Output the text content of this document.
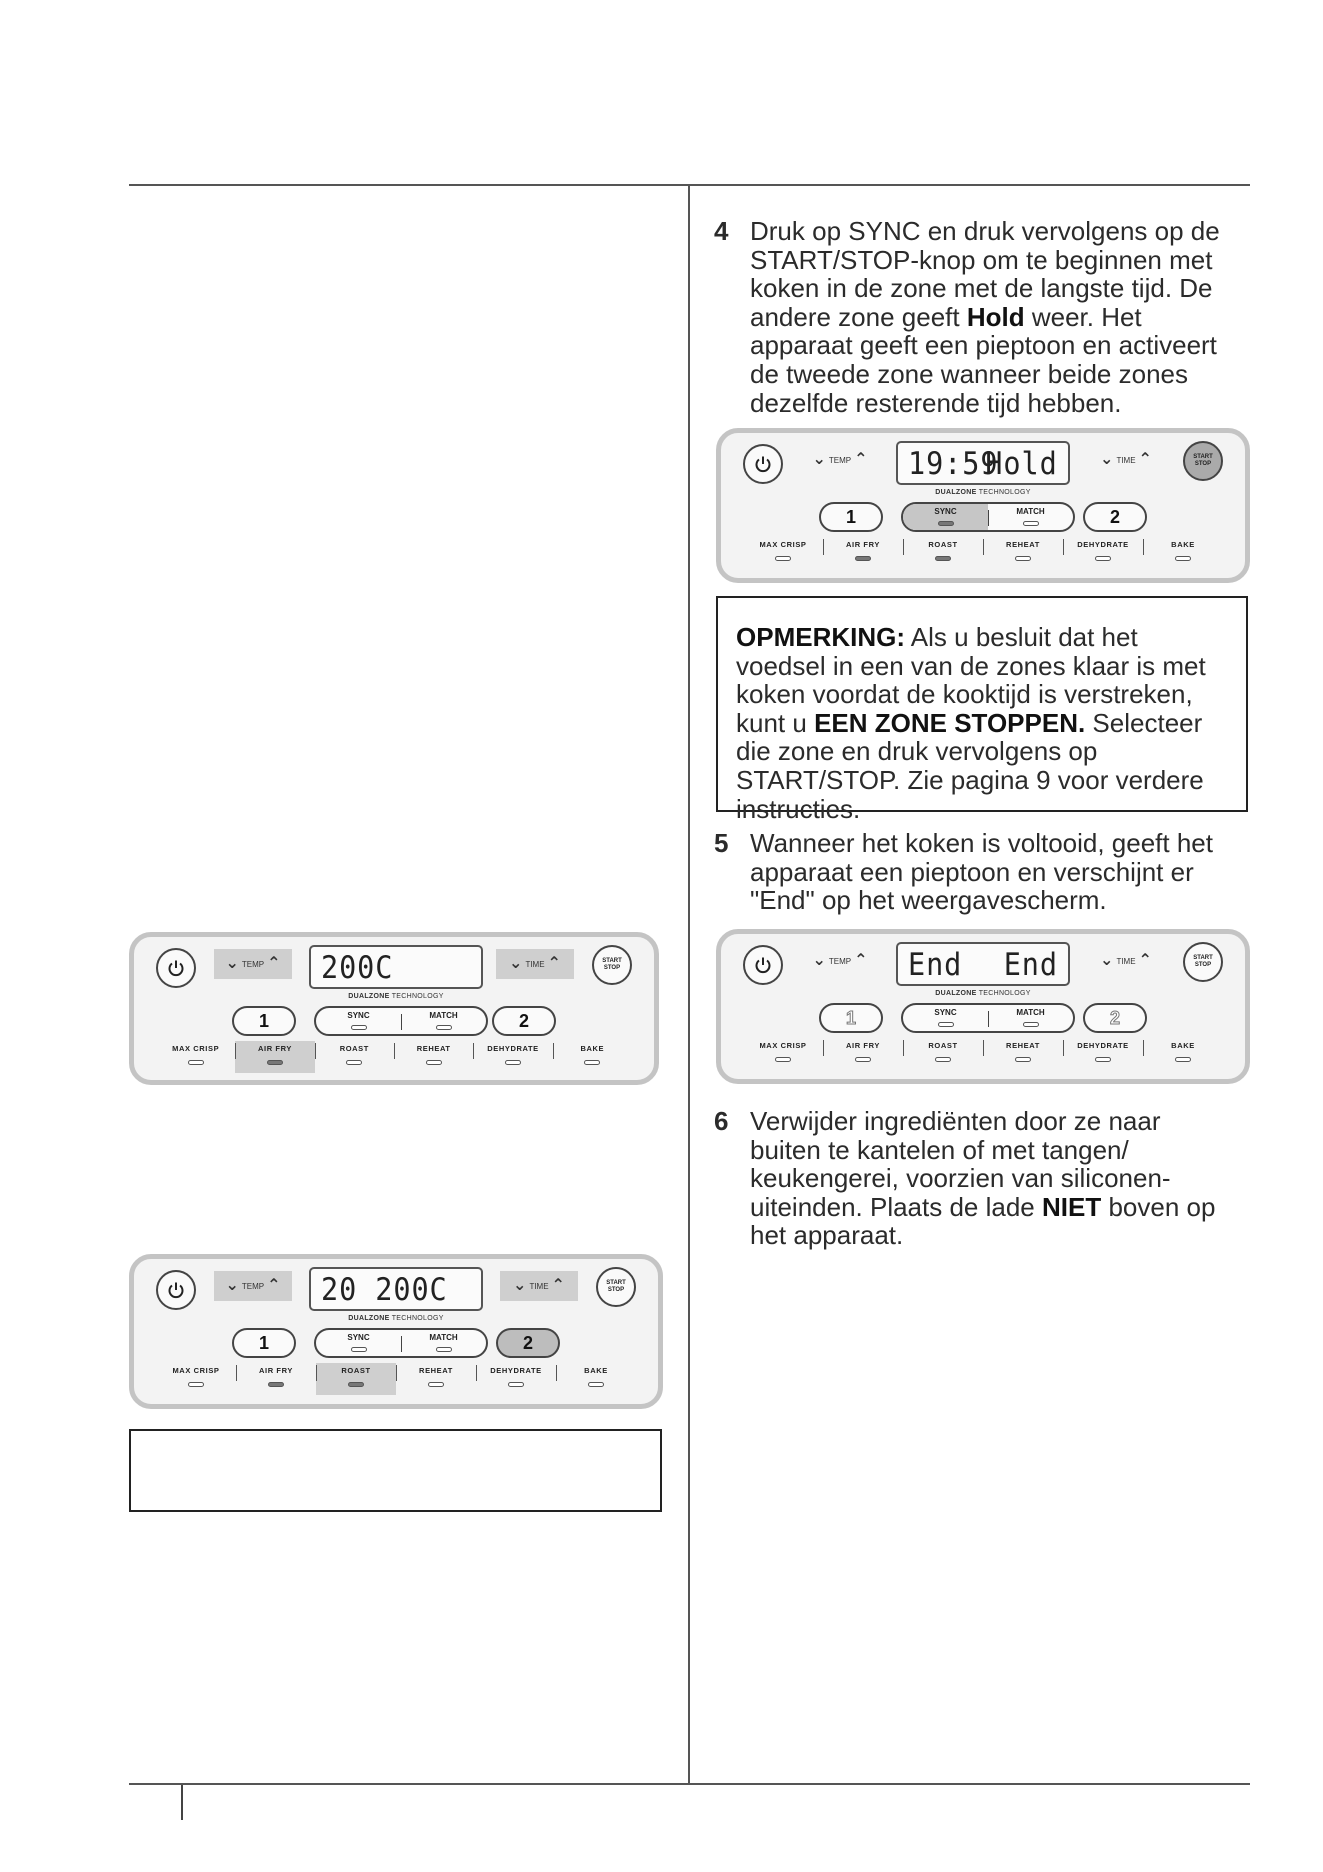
4 Druk op SYNC en druk vervolgens op de START/STOP-knop om te beginnen met koken in de zone met de langste tijd. De andere zone geeft Hold weer. Het apparaat geeft een pieptoon en activeert de tweede zone wanneer beide zones dezelfde resterende tijd hebben.
OPMERKING: Als u besluit dat het voedsel in een van de zones klaar is met koken voordat de kooktijd is verstreken, kunt u EEN ZONE STOPPEN. Selecteer die zone en druk vervolgens op START/STOP. Zie pagina 9 voor verdere instructies.
5 Wanneer het koken is voltooid, geeft het apparaat een pieptoon en verschijnt er "End" op het weergavescherm.
6 Verwijder ingrediënten door ze naar buiten te kantelen of met tangen/ keukengerei, voorzien van siliconen-uiteinden. Plaats de lade NIET boven op het apparaat.
⌄ TEMP ⌃ 200C	⌄ TIME ⌃	START
STOP
DUALZONE TECHNOLOGY
1	SYNC	MATCH	2
MAX CRISP	AIR FRY	ROAST	REHEAT	DEHYDRATE	BAKE
⌄ TEMP ⌃ 20 200C	⌄ TIME ⌃	START
STOP
DUALZONE TECHNOLOGY
1	SYNC	MATCH	2
MAX CRISP	AIR FRY	ROAST	REHEAT	DEHYDRATE	BAKE
⌄ TEMP ⌃ 19:59
Hold	⌄ TIME ⌃	START
STOP
DUALZONE TECHNOLOGY
1	SYNC	MATCH	2
MAX CRISP	AIR FRY	ROAST	REHEAT	DEHYDRATE	BAKE
⌄ TEMP ⌃ End End	⌄ TIME ⌃	START
STOP
DUALZONE TECHNOLOGY
1	SYNC	MATCH	2
MAX CRISP	AIR FRY	ROAST	REHEAT	DEHYDRATE	BAKE
